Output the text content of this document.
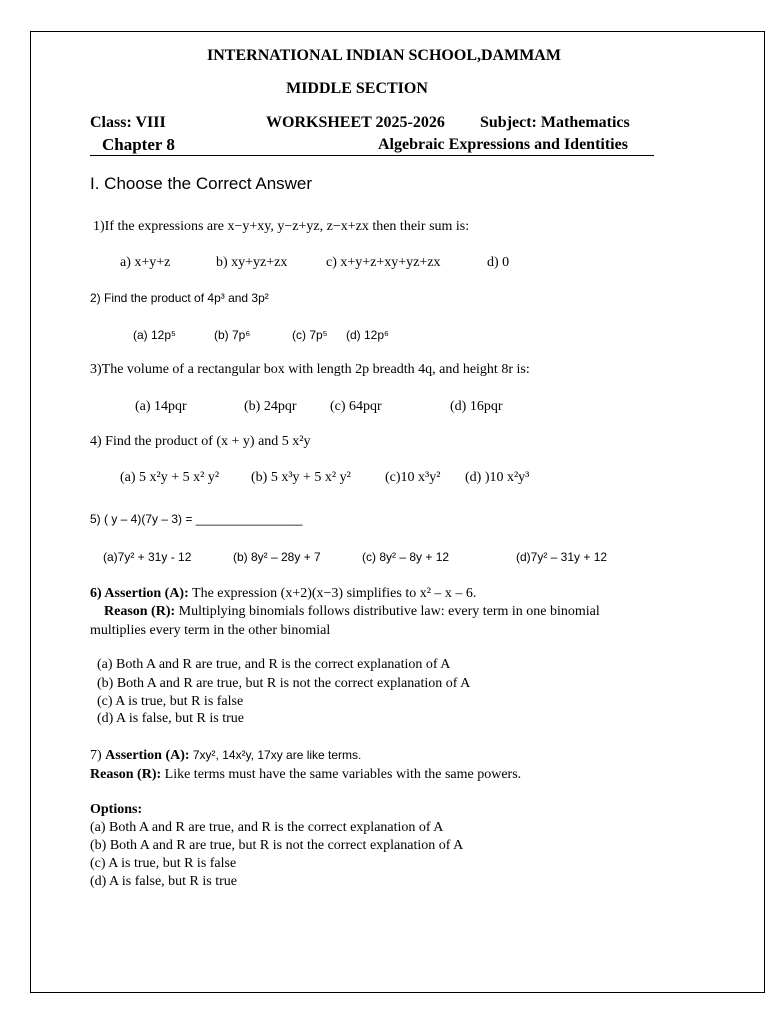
INTERNATIONAL INDIAN SCHOOL,DAMMAM
MIDDLE SECTION
Class: VIII	WORKSHEET 2025-2026 Subject: Mathematics
Chapter 8	Algebraic Expressions and Identities
I. Choose the Correct Answer
1)If the expressions are x−y+xy, y−z+yz, z−x+zx then their sum is:
a) x+y+z	b) xy+yz+zx	c) x+y+z+xy+yz+zx	d) 0
2) Find the product of 4p³ and 3p²
(a) 12p⁵	(b) 7p⁶	(c) 7p⁵ (d) 12p⁶
3)The volume of a rectangular box with length 2p breadth 4q, and height 8r is:
(a) 14pqr	(b) 24pqr (c) 64pqr	(d) 16pqr
4) Find the product of (x + y) and 5 x²y
(a) 5 x²y + 5 x² y² (b) 5 x³y + 5 x² y² (c)10 x³y² (d) )10 x²y³
5) ( y – 4)(7y – 3) = ________________
(a)7y² + 31y - 12	(b) 8y² – 28y + 7	(c) 8y² – 8y + 12	(d)7y² – 31y + 12
6) Assertion (A): The expression (x+2)(x−3) simplifies to x² – x – 6.
Reason (R): Multiplying binomials follows distributive law: every term in one binomial
multiplies every term in the other binomial
(a) Both A and R are true, and R is the correct explanation of A
(b) Both A and R are true, but R is not the correct explanation of A
(c) A is true, but R is false
(d) A is false, but R is true
7) Assertion (A): 7xy², 14x²y, 17xy are like terms.
Reason (R): Like terms must have the same variables with the same powers.
Options:
(a) Both A and R are true, and R is the correct explanation of A
(b) Both A and R are true, but R is not the correct explanation of A
(c) A is true, but R is false
(d) A is false, but R is true
